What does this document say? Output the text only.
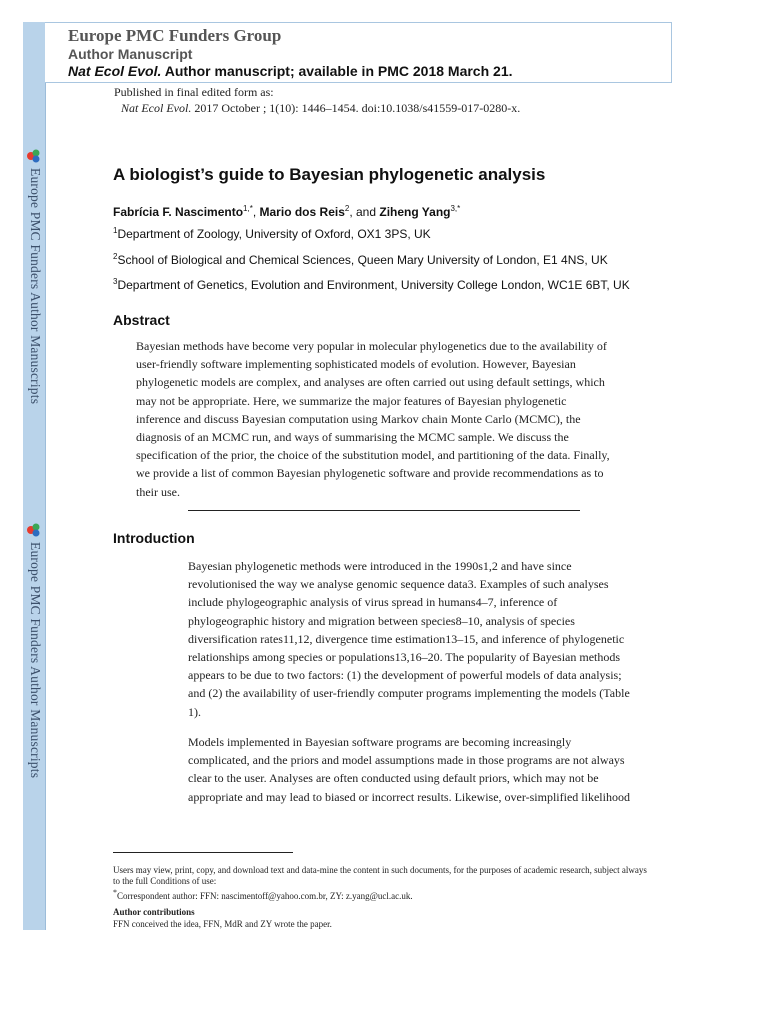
Europe PMC Funders Author Manuscripts
Europe PMC Funders Author Manuscripts
Europe PMC Funders Group
Author Manuscript
Nat Ecol Evol. Author manuscript; available in PMC 2018 March 21.
Published in final edited form as:
Nat Ecol Evol. 2017 October ; 1(10): 1446–1454. doi:10.1038/s41559-017-0280-x.
A biologist’s guide to Bayesian phylogenetic analysis
Fabrícia F. Nascimento$^{1,*}$, Mario dos Reis$^2$, and Ziheng Yang$^{3,*}$
$^1$Department of Zoology, University of Oxford, OX1 3PS, UK
$^2$School of Biological and Chemical Sciences, Queen Mary University of London, E1 4NS, UK
$^3$Department of Genetics, Evolution and Environment, University College London, WC1E 6BT, UK
Abstract

Bayesian methods have become very popular in molecular phylogenetics due to the availability of
user-friendly software implementing sophisticated models of evolution. However, Bayesian
phylogenetic models are complex, and analyses are often carried out using default settings, which
may not be appropriate. Here, we summarize the major features of Bayesian phylogenetic
inference and discuss Bayesian computation using Markov chain Monte Carlo (MCMC), the
diagnosis of an MCMC run, and ways of summarising the MCMC sample. We discuss the
specification of the prior, the choice of the substitution model, and partitioning of the data. Finally,
we provide a list of common Bayesian phylogenetic software and provide recommendations as to
their use.

Introduction

Bayesian phylogenetic methods were introduced in the 1990s1,2 and have since
revolutionised the way we analyse genomic sequence data3. Examples of such analyses
include phylogeographic analysis of virus spread in humans4–7, inference of
phylogeographic history and migration between species8–10, analysis of species
diversification rates11,12, divergence time estimation13–15, and inference of phylogenetic
relationships among species or populations13,16–20. The popularity of Bayesian methods
appears to be due to two factors: (1) the development of powerful models of data analysis;
and (2) the availability of user-friendly computer programs implementing the models (Table
1).

Models implemented in Bayesian software programs are becoming increasingly
complicated, and the priors and model assumptions made in those programs are not always
clear to the user. Analyses are often conducted using default priors, which may not be
appropriate and may lead to biased or incorrect results. Likewise, over-simplified likelihood

Users may view, print, copy, and download text and data-mine the content in such documents, for the purposes of academic research, subject always to the full Conditions of use:
*Correspondent author: FFN: nascimentoff@yahoo.com.br, ZY: z.yang@ucl.ac.uk.
Author contributions
FFN conceived the idea, FFN, MdR and ZY wrote the paper.
